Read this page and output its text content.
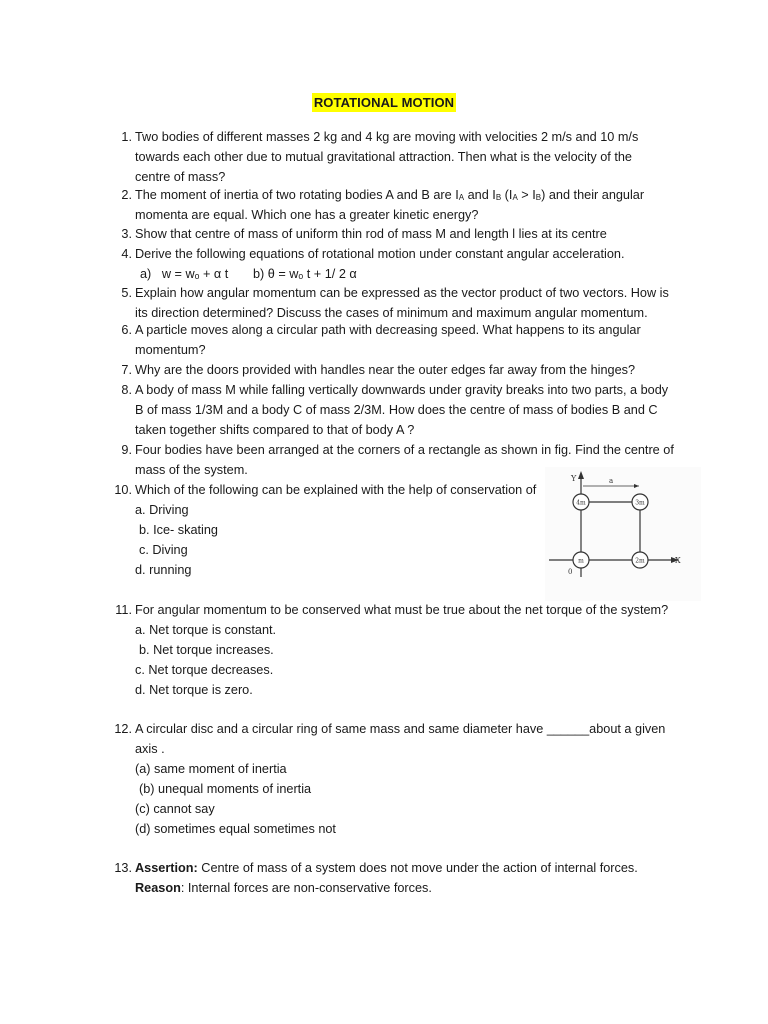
ROTATIONAL MOTION
1. Two bodies of different masses 2 kg and 4 kg are moving with velocities 2 m/s and 10 m/s
towards each other due to mutual gravitational attraction. Then what is the velocity of the
centre of mass?
2. The moment of inertia of two rotating bodies A and B are IA and IB (IA > IB) and their angular
momenta are equal. Which one has a greater kinetic energy?
3. Show that centre of mass of uniform thin rod of mass M and length l lies at its centre
4. Derive the following equations of rotational motion under constant angular acceleration.
a)   w = wₒ + α t       b) θ = wₒ t + 1/ 2 α
5. Explain how angular momentum can be expressed as the vector product of two vectors. How is
its direction determined? Discuss the cases of minimum and maximum angular momentum.
6. A particle moves along a circular path with decreasing speed. What happens to its angular
momentum?
7. Why are the doors provided with handles near the outer edges far away from the hinges?
8. A body of mass M while falling vertically downwards under gravity breaks into two parts, a body
B of mass 1/3M and a body C of mass 2/3M. How does the centre of mass of bodies B and C
taken together shifts compared to that of body A ?
9. Four bodies have been arranged at the corners of a rectangle as shown in fig. Find the centre of
mass of the system.
10. Which of the following can be explained with the help of conservation of
a. Driving
b. Ice- skating
c. Diving
d. running
Y
X
0
a
4m	3m
m	2m
11. For angular momentum to be conserved what must be true about the net torque of the system?
a. Net torque is constant.
b. Net torque increases.
c. Net torque decreases.
d. Net torque is zero.
12. A circular disc and a circular ring of same mass and same diameter have ______about a given
axis .
(a) same moment of inertia
(b) unequal moments of inertia
(c) cannot say
(d) sometimes equal sometimes not
13. Assertion: Centre of mass of a system does not move under the action of internal forces.
Reason: Internal forces are non-conservative forces.
